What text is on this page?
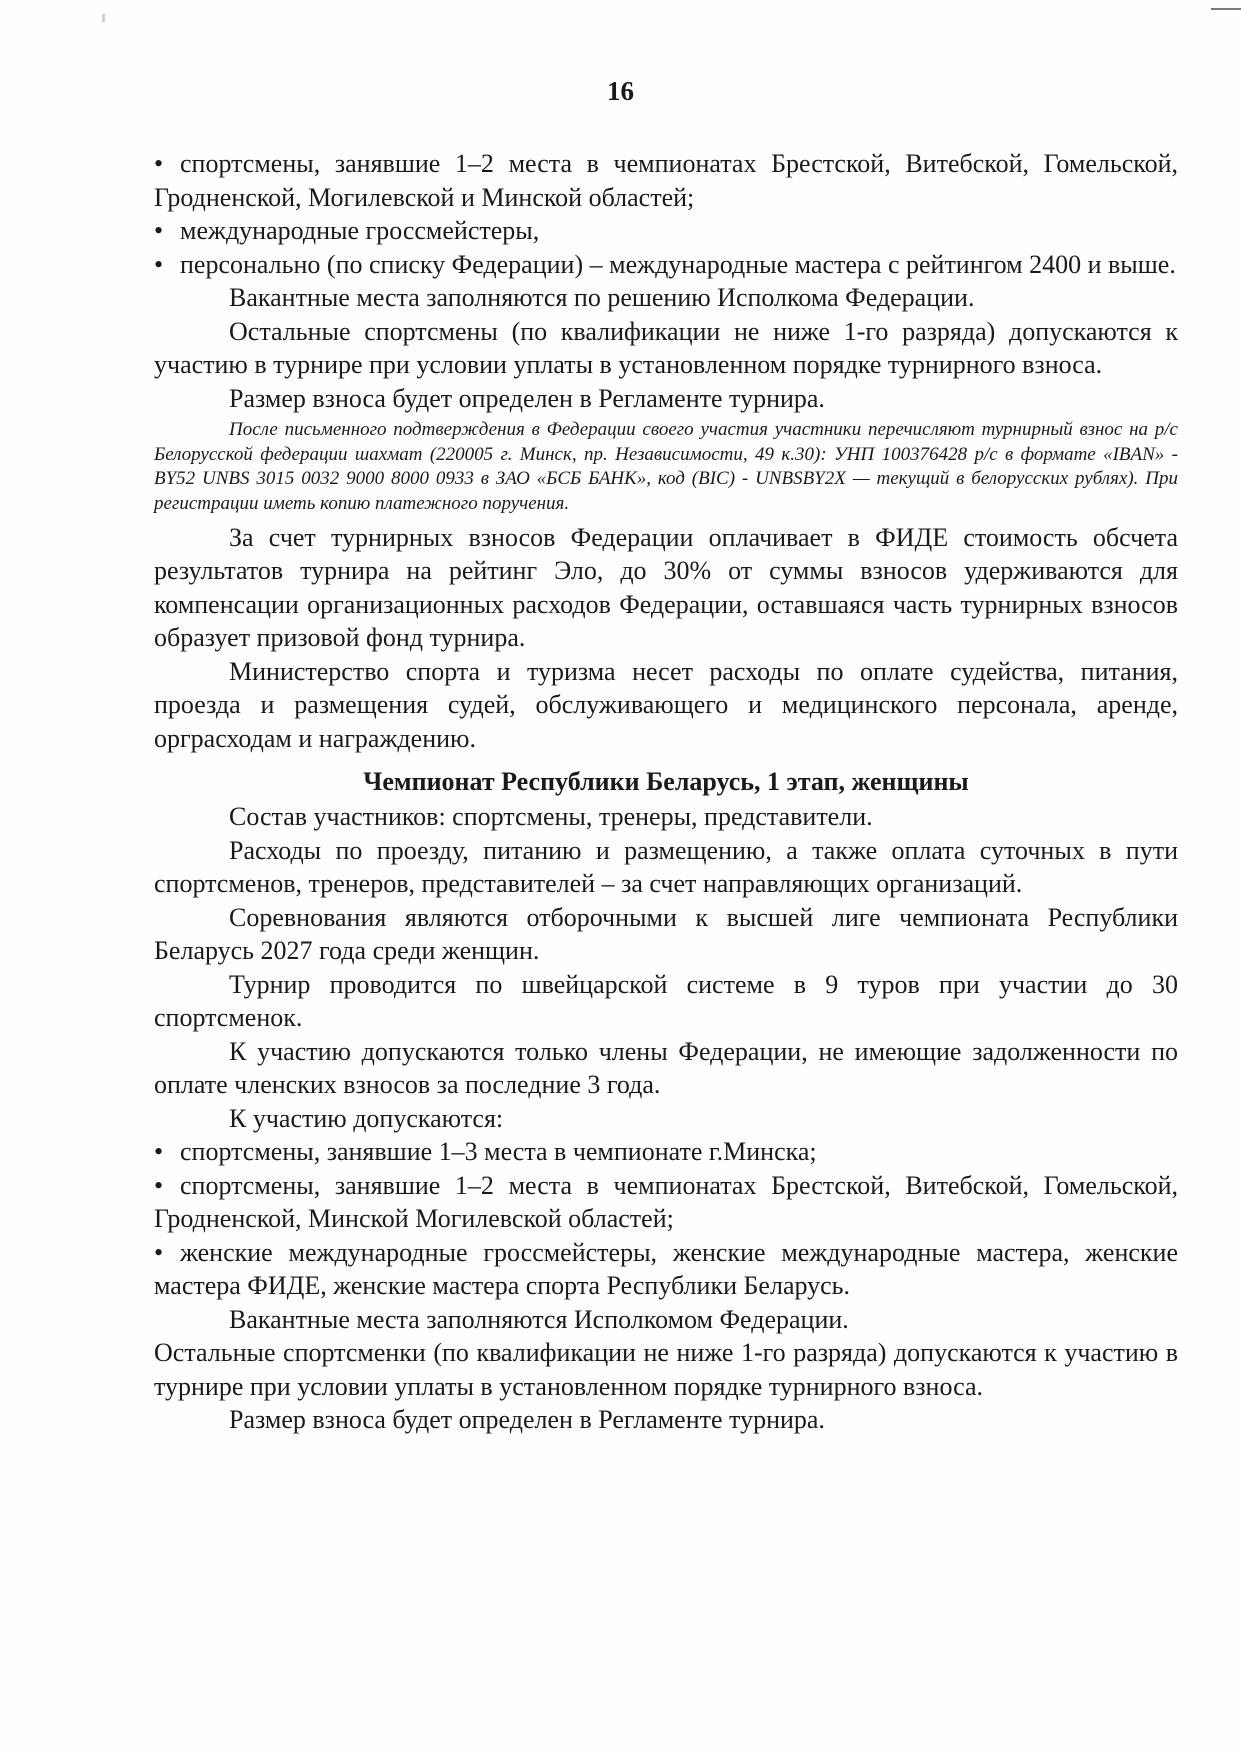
16

• спортсмены, занявшие 1–2 места в чемпионатах Брестской, Витебской, Гомельской, Гродненской, Могилевской и Минской областей;

• международные гроссмейстеры,

• персонально (по списку Федерации) – международные мастера с рейтингом 2400 и выше.

Вакантные места заполняются по решению Исполкома Федерации.

Остальные спортсмены (по квалификации не ниже 1-го разряда) допускаются к участию в турнире при условии уплаты в установленном порядке турнирного взноса.

Размер взноса будет определен в Регламенте турнира.

После письменного подтверждения в Федерации своего участия участники перечисляют турнирный взнос на р/с Белорусской федерации шахмат (220005 г. Минск, пр. Независимости, 49 к.30): УНП 100376428 р/с в формате «IBAN» - BY52 UNBS 3015 0032 9000 8000 0933 в ЗАО «БСБ БАНК», код (BIC) - UNBSBY2X — текущий в белорусских рублях). При регистрации иметь копию платежного поручения.

За счет турнирных взносов Федерации оплачивает в ФИДЕ стоимость обсчета результатов турнира на рейтинг Эло, до 30% от суммы взносов удерживаются для компенсации организационных расходов Федерации, оставшаяся часть турнирных взносов образует призовой фонд турнира.

Министерство спорта и туризма несет расходы по оплате судейства, питания, проезда и размещения судей, обслуживающего и медицинского персонала, аренде, орграсходам и награждению.

Чемпионат Республики Беларусь, 1 этап, женщины

Состав участников: спортсмены, тренеры, представители.

Расходы по проезду, питанию и размещению, а также оплата суточных в пути спортсменов, тренеров, представителей – за счет направляющих организаций.

Соревнования являются отборочными к высшей лиге чемпионата Республики Беларусь 2027 года среди женщин.

Турнир проводится по швейцарской системе в 9 туров при участии до 30 спортсменок.

К участию допускаются только члены Федерации, не имеющие задолженности по оплате членских взносов за последние 3 года.

К участию допускаются:

• спортсмены, занявшие 1–3 места в чемпионате г.Минска;

• спортсмены, занявшие 1–2 места в чемпионатах Брестской, Витебской, Гомельской, Гродненской, Минской Могилевской областей;

• женские международные гроссмейстеры, женские международные мастера, женские мастера ФИДЕ, женские мастера спорта Республики Беларусь.

Вакантные места заполняются Исполкомом Федерации.

Остальные спортсменки (по квалификации не ниже 1-го разряда) допускаются к участию в турнире при условии уплаты в установленном порядке турнирного взноса.

Размер взноса будет определен в Регламенте турнира.
